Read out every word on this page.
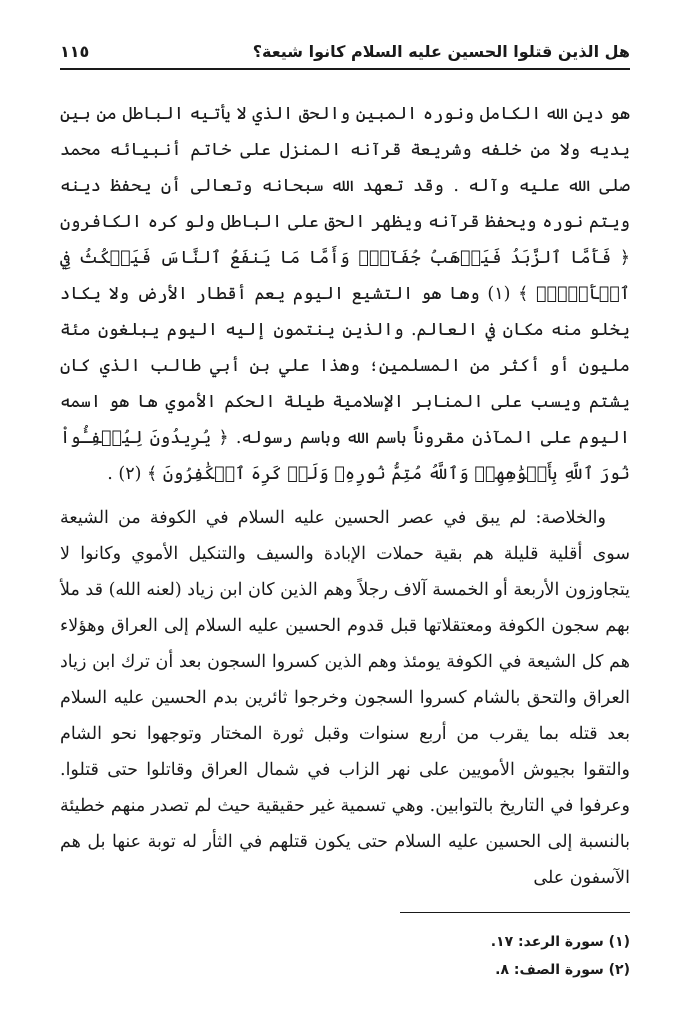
هل الذين قتلوا الحسين عليه السلام كانوا شيعة؟
١١٥

هو دين الله الكامل ونوره المبين والحق الذي لا يأتيه الباطل من بين يديه ولا من خلفه وشريعة قرآنه المنزل على خاتم أنبيائه محمد صلى الله عليه وآله . وقد تعهد الله سبحانه وتعالى أن يحفظ دينه ويتم نوره ويحفظ قرآنه ويظهر الحق على الباطل ولو كره الكافرون ﴿ فَأَمَّا ٱلزَّبَدُ فَيَذۡهَبُ جُفَآءٗۖ وَأَمَّا مَا يَنفَعُ ٱلنَّاسَ فَيَمۡكُثُ فِي ٱلۡأَرۡضِۚ ﴾ (١) وها هو التشيع اليوم يعم أقطار الأرض ولا يكاد يخلو منه مكان في العالم. والذين ينتمون إليه اليوم يبلغون مئة مليون أو أكثر من المسلمين؛ وهذا علي بن أبي طالب الذي كان يشتم ويسب على المنابر الإسلامية طيلة الحكم الأموي ها هو اسمه اليوم على المآذن مقروناً باسم الله وباسم رسوله. ﴿ يُرِيدُونَ لِيُطۡفِـُٔواْ نُورَ ٱللَّهِ بِأَفۡوَٰهِهِمۡ وَٱللَّهُ مُتِمُّ نُورِهِۦ وَلَوۡ كَرِهَ ٱلۡكَٰفِرُونَ ﴾ (٢) .

والخلاصة: لم يبق في عصر الحسين عليه السلام في الكوفة من الشيعة سوى أقلية قليلة هم بقية حملات الإبادة والسيف والتنكيل الأموي وكانوا لا يتجاوزون الأربعة أو الخمسة آلاف رجلاً وهم الذين كان ابن زياد (لعنه الله) قد ملأ بهم سجون الكوفة ومعتقلاتها قبل قدوم الحسين عليه السلام إلى العراق وهؤلاء هم كل الشيعة في الكوفة يومئذ وهم الذين كسروا السجون بعد أن ترك ابن زياد العراق والتحق بالشام كسروا السجون وخرجوا ثائرين بدم الحسين عليه السلام بعد قتله بما يقرب من أربع سنوات وقبل ثورة المختار وتوجهوا نحو الشام والتقوا بجيوش الأمويين على نهر الزاب في شمال العراق وقاتلوا حتى قتلوا. وعرفوا في التاريخ بالتوابين. وهي تسمية غير حقيقية حيث لم تصدر منهم خطيئة بالنسبة إلى الحسين عليه السلام حتى يكون قتلهم في الثأر له توبة عنها بل هم الآسفون على

(١) سورة الرعد: ١٧.
(٢) سورة الصف: ٨.
